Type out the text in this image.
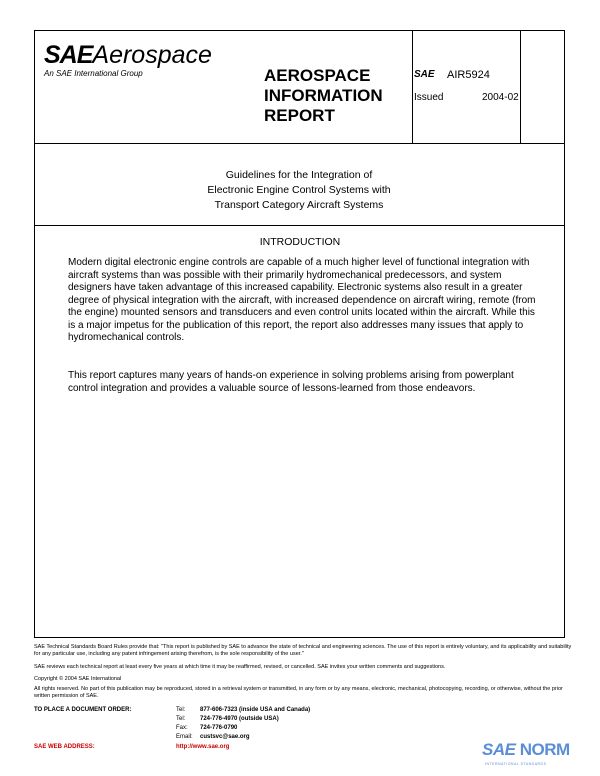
SAEAerospace
An SAE International Group	AEROSPACE
INFORMATION
REPORT
SAE AIR5924
Issued	2004-02
Guidelines for the Integration of
Electronic Engine Control Systems with
Transport Category Aircraft Systems
INTRODUCTION

Modern digital electronic engine controls are capable of a much higher level of functional integration with aircraft systems than was possible with their primarily hydromechanical predecessors, and system designers have taken advantage of this increased capability. Electronic systems also result in a greater degree of physical integration with the aircraft, with increased dependence on aircraft wiring, remote (from the engine) mounted sensors and transducers and even control units located within the aircraft. While this is a major impetus for the publication of this report, the report also addresses many issues that apply to hydromechanical controls.

This report captures many years of hands-on experience in solving problems arising from powerplant control integration and provides a valuable source of lessons-learned from those endeavors.

SAE Technical Standards Board Rules provide that: "This report is published by SAE to advance the state of technical and engineering sciences. The use of this report is entirely voluntary, and its applicability and suitability for any particular use, including any patent infringement arising therefrom, is the sole responsibility of the user."
SAE reviews each technical report at least every five years at which time it may be reaffirmed, revised, or cancelled. SAE invites your written comments and suggestions.
Copyright © 2004 SAE International
All rights reserved. No part of this publication may be reproduced, stored in a retrieval system or transmitted, in any form or by any means, electronic, mechanical, photocopying, recording, or otherwise, without the prior written permission of SAE.
TO PLACE A DOCUMENT ORDER:	Tel: 877-606-7323 (inside USA and Canada)
Tel: 724-776-4970 (outside USA)
Fax: 724-776-0790
Email: custsvc@sae.org
SAE WEB ADDRESS:	http://www.sae.org	SAE NORM
INTERNATIONAL STANDARDS
